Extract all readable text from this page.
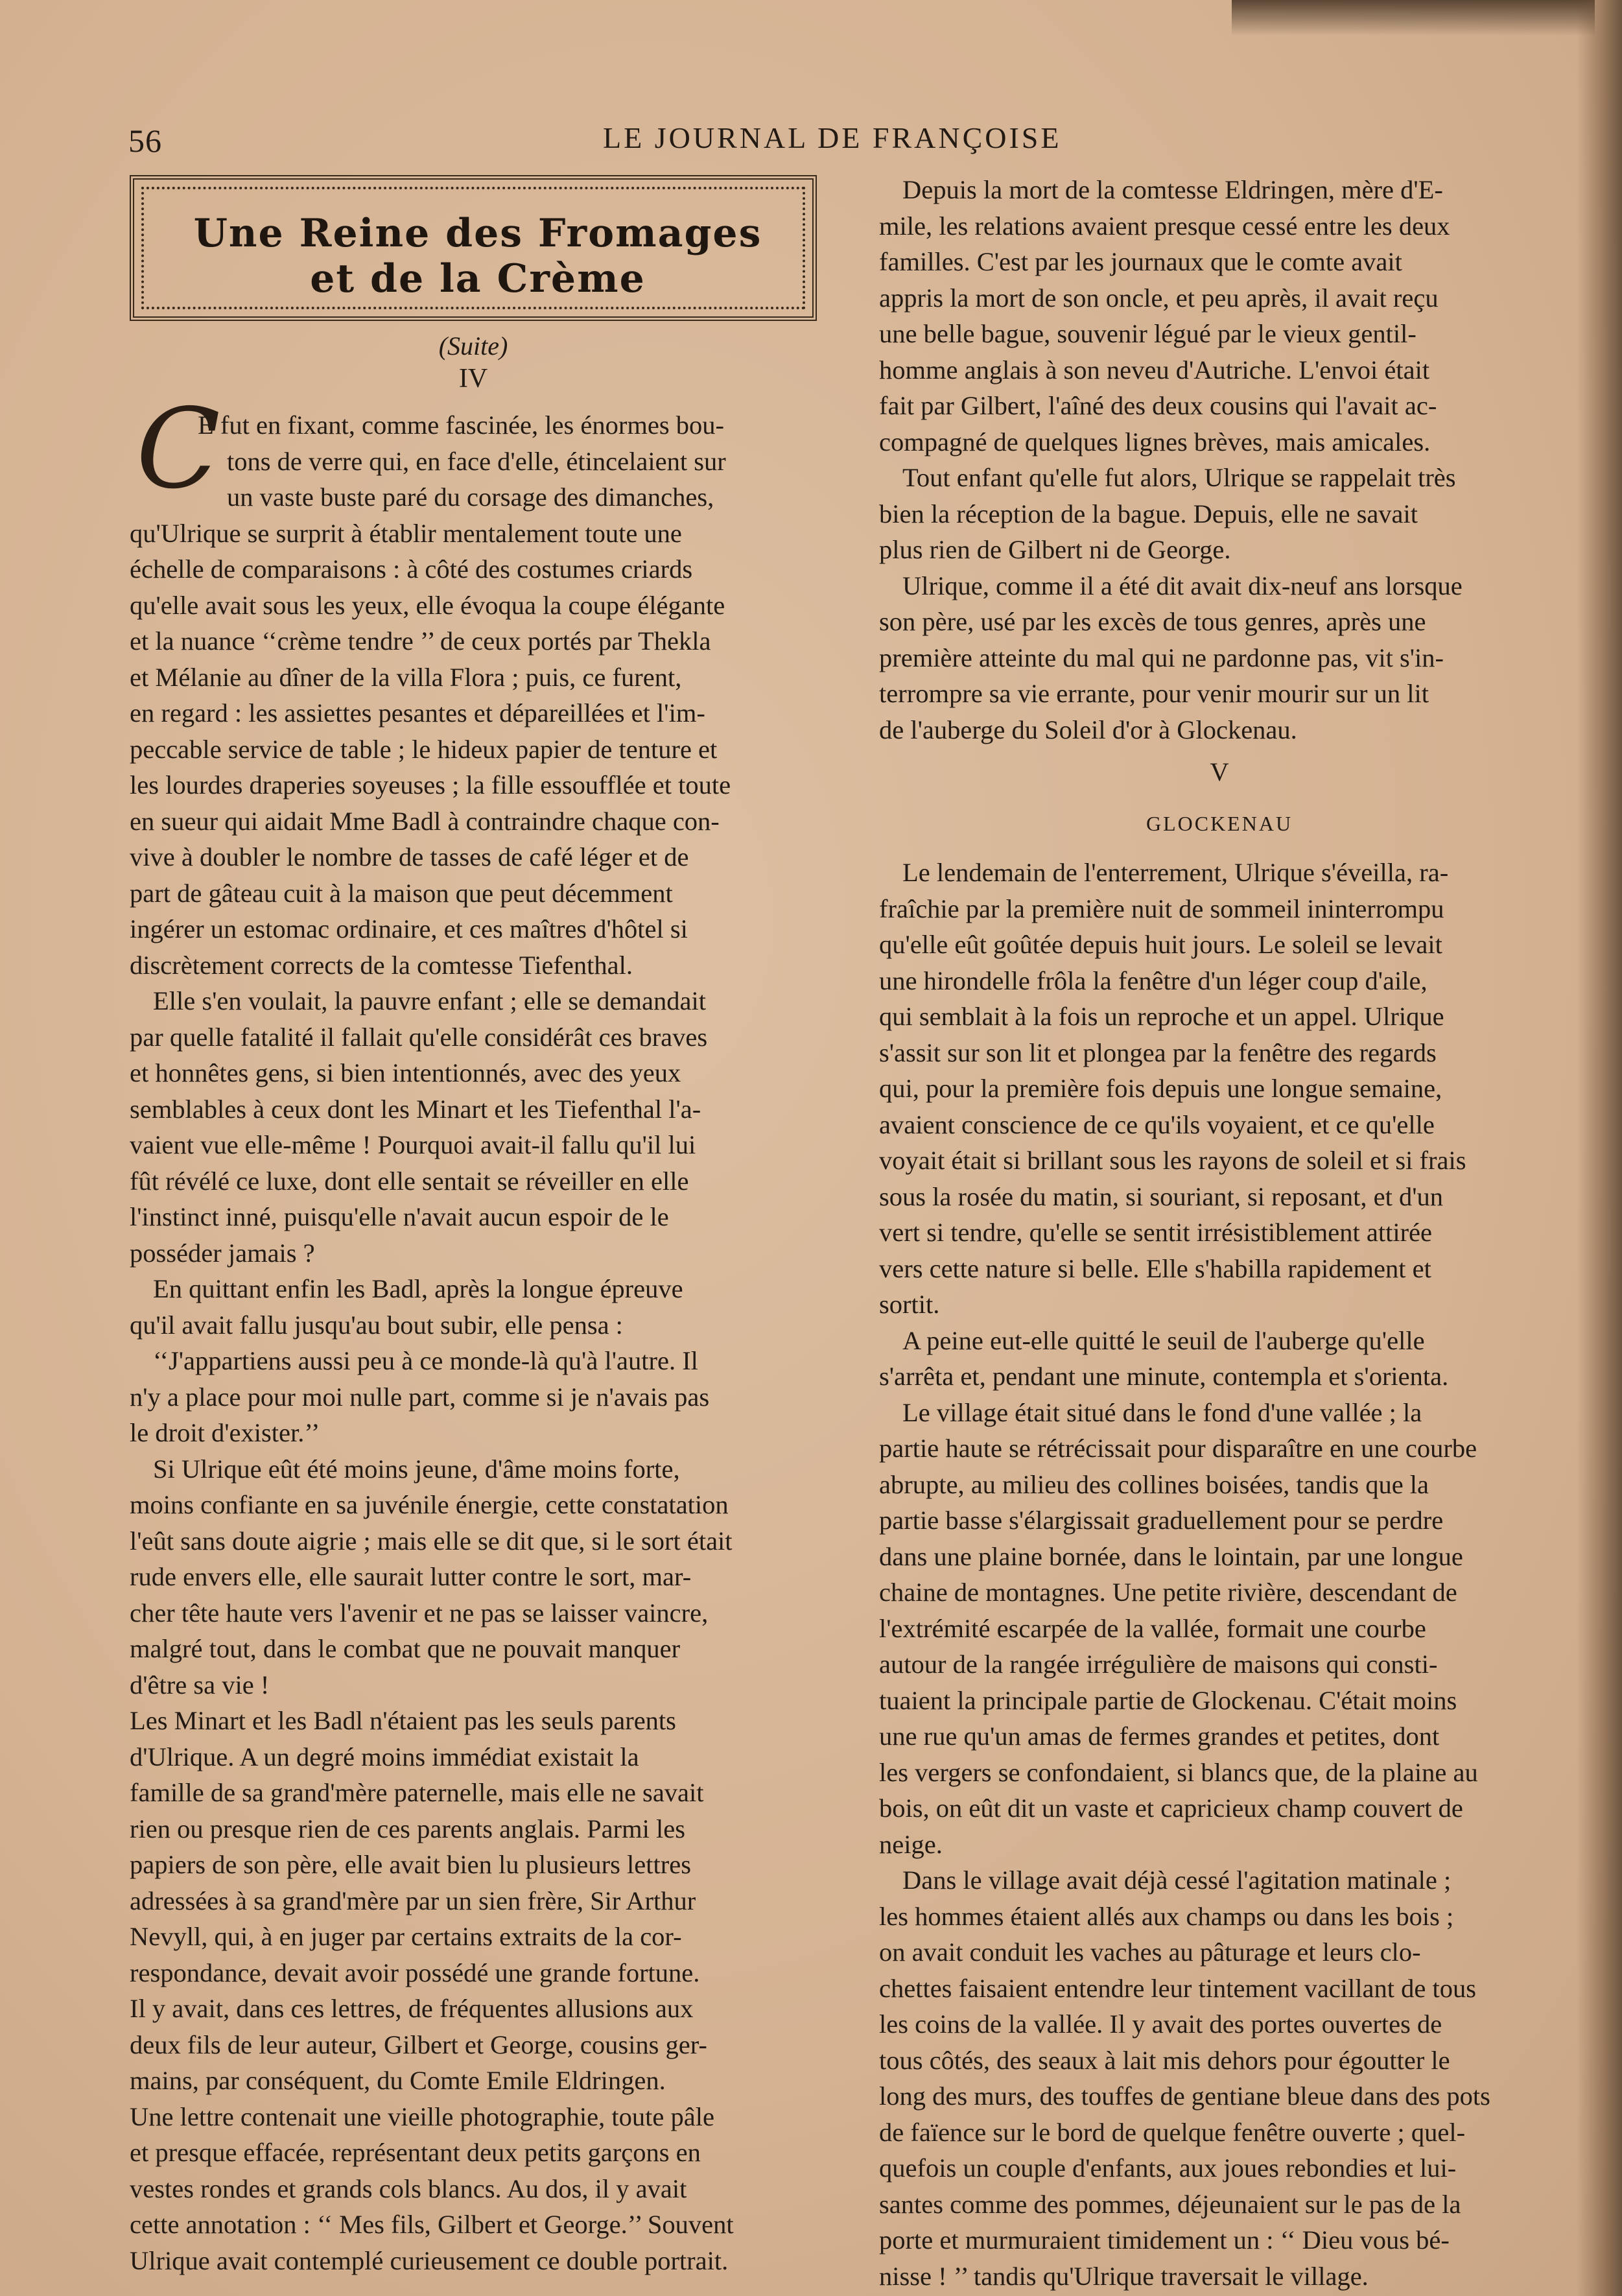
56	LE JOURNAL DE FRANÇOISE
Une Reine des Fromages
et de la Crème
(Suite)
IV
C
E fut en fixant, comme fascinée, les énormes bou-
tons de verre qui, en face d'elle, étincelaient sur
un vaste buste paré du corsage des dimanches,
qu'Ulrique se surprit à établir mentalement toute une
échelle de comparaisons : à côté des costumes criards
qu'elle avait sous les yeux, elle évoqua la coupe élégante
et la nuance ‘‘crème tendre ’’ de ceux portés par Thekla
et Mélanie au dîner de la villa Flora ; puis, ce furent,
en regard : les assiettes pesantes et dépareillées et l'im-
peccable service de table ; le hideux papier de tenture et
les lourdes draperies soyeuses ; la fille essoufflée et toute
en sueur qui aidait Mme Badl à contraindre chaque con-
vive à doubler le nombre de tasses de café léger et de
part de gâteau cuit à la maison que peut décemment
ingérer un estomac ordinaire, et ces maîtres d'hôtel si
discrètement corrects de la comtesse Tiefenthal.
Elle s'en voulait, la pauvre enfant ; elle se demandait
par quelle fatalité il fallait qu'elle considérât ces braves
et honnêtes gens, si bien intentionnés, avec des yeux
semblables à ceux dont les Minart et les Tiefenthal l'a-
vaient vue elle-même ! Pourquoi avait-il fallu qu'il lui
fût révélé ce luxe, dont elle sentait se réveiller en elle
l'instinct inné, puisqu'elle n'avait aucun espoir de le
posséder jamais ?
En quittant enfin les Badl, après la longue épreuve
qu'il avait fallu jusqu'au bout subir, elle pensa :
‘‘J'appartiens aussi peu à ce monde-là qu'à l'autre. Il
n'y a place pour moi nulle part, comme si je n'avais pas
le droit d'exister.’’
Si Ulrique eût été moins jeune, d'âme moins forte,
moins confiante en sa juvénile énergie, cette constatation
l'eût sans doute aigrie ; mais elle se dit que, si le sort était
rude envers elle, elle saurait lutter contre le sort, mar-
cher tête haute vers l'avenir et ne pas se laisser vaincre,
malgré tout, dans le combat que ne pouvait manquer
d'être sa vie !
Les Minart et les Badl n'étaient pas les seuls parents
d'Ulrique. A un degré moins immédiat existait la
famille de sa grand'mère paternelle, mais elle ne savait
rien ou presque rien de ces parents anglais. Parmi les
papiers de son père, elle avait bien lu plusieurs lettres
adressées à sa grand'mère par un sien frère, Sir Arthur
Nevyll, qui, à en juger par certains extraits de la cor-
respondance, devait avoir possédé une grande fortune.
Il y avait, dans ces lettres, de fréquentes allusions aux
deux fils de leur auteur, Gilbert et George, cousins ger-
mains, par conséquent, du Comte Emile Eldringen.
Une lettre contenait une vieille photographie, toute pâle
et presque effacée, représentant deux petits garçons en
vestes rondes et grands cols blancs. Au dos, il y avait
cette annotation : ‘‘ Mes fils, Gilbert et George.’’ Souvent
Ulrique avait contemplé curieusement ce double portrait.
Depuis la mort de la comtesse Eldringen, mère d'E-
mile, les relations avaient presque cessé entre les deux
familles. C'est par les journaux que le comte avait
appris la mort de son oncle, et peu après, il avait reçu
une belle bague, souvenir légué par le vieux gentil-
homme anglais à son neveu d'Autriche. L'envoi était
fait par Gilbert, l'aîné des deux cousins qui l'avait ac-
compagné de quelques lignes brèves, mais amicales.
Tout enfant qu'elle fut alors, Ulrique se rappelait très
bien la réception de la bague. Depuis, elle ne savait
plus rien de Gilbert ni de George.
Ulrique, comme il a été dit avait dix-neuf ans lorsque
son père, usé par les excès de tous genres, après une
première atteinte du mal qui ne pardonne pas, vit s'in-
terrompre sa vie errante, pour venir mourir sur un lit
de l'auberge du Soleil d'or à Glockenau.
Le lendemain de l'enterrement, Ulrique s'éveilla, ra-
fraîchie par la première nuit de sommeil ininterrompu
qu'elle eût goûtée depuis huit jours. Le soleil se levait
une hirondelle frôla la fenêtre d'un léger coup d'aile,
qui semblait à la fois un reproche et un appel. Ulrique
s'assit sur son lit et plongea par la fenêtre des regards
qui, pour la première fois depuis une longue semaine,
avaient conscience de ce qu'ils voyaient, et ce qu'elle
voyait était si brillant sous les rayons de soleil et si frais
sous la rosée du matin, si souriant, si reposant, et d'un
vert si tendre, qu'elle se sentit irrésistiblement attirée
vers cette nature si belle. Elle s'habilla rapidement et
sortit.
A peine eut-elle quitté le seuil de l'auberge qu'elle
s'arrêta et, pendant une minute, contempla et s'orienta.
Le village était situé dans le fond d'une vallée ; la
partie haute se rétrécissait pour disparaître en une courbe
abrupte, au milieu des collines boisées, tandis que la
partie basse s'élargissait graduellement pour se perdre
dans une plaine bornée, dans le lointain, par une longue
chaine de montagnes. Une petite rivière, descendant de
l'extrémité escarpée de la vallée, formait une courbe
autour de la rangée irrégulière de maisons qui consti-
tuaient la principale partie de Glockenau. C'était moins
une rue qu'un amas de fermes grandes et petites, dont
les vergers se confondaient, si blancs que, de la plaine au
bois, on eût dit un vaste et capricieux champ couvert de
neige.
Dans le village avait déjà cessé l'agitation matinale ;
les hommes étaient allés aux champs ou dans les bois ;
on avait conduit les vaches au pâturage et leurs clo-
chettes faisaient entendre leur tintement vacillant de tous
les coins de la vallée. Il y avait des portes ouvertes de
tous côtés, des seaux à lait mis dehors pour égoutter le
long des murs, des touffes de gentiane bleue dans des pots
de faïence sur le bord de quelque fenêtre ouverte ; quel-
quefois un couple d'enfants, aux joues rebondies et lui-
santes comme des pommes, déjeunaient sur le pas de la
porte et murmuraient timidement un : ‘‘ Dieu vous bé-
nisse ! ’’ tandis qu'Ulrique traversait le village.
V
GLOCKENAU
